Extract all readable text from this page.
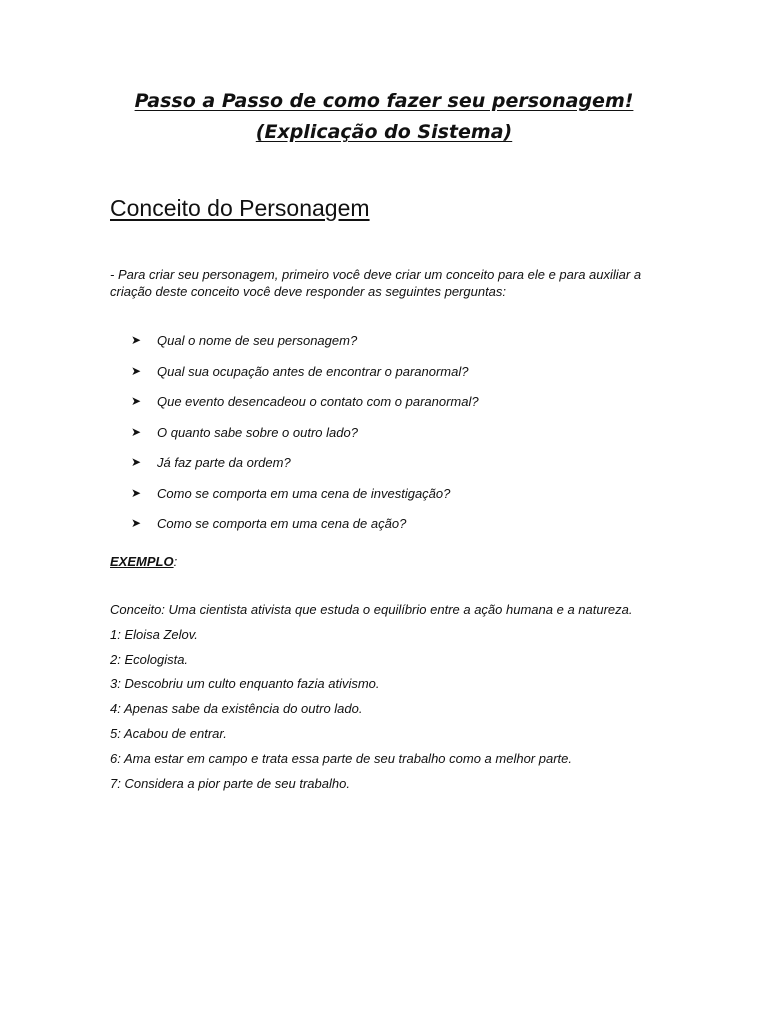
Passo a Passo de como fazer seu personagem!
(Explicação do Sistema)
Conceito do Personagem

- Para criar seu personagem, primeiro você deve criar um conceito para ele e para auxiliar a criação deste conceito você deve responder as seguintes perguntas:

➤ Qual o nome de seu personagem?
➤ Qual sua ocupação antes de encontrar o paranormal?
➤ Que evento desencadeou o contato com o paranormal?
➤ O quanto sabe sobre o outro lado?
➤ Já faz parte da ordem?
➤ Como se comporta em uma cena de investigação?
➤ Como se comporta em uma cena de ação?

EXEMPLO:

Conceito: Uma cientista ativista que estuda o equilíbrio entre a ação humana e a natureza.
1: Eloisa Zelov.
2: Ecologista.
3: Descobriu um culto enquanto fazia ativismo.
4: Apenas sabe da existência do outro lado.
5: Acabou de entrar.
6: Ama estar em campo e trata essa parte de seu trabalho como a melhor parte.
7: Considera a pior parte de seu trabalho.
